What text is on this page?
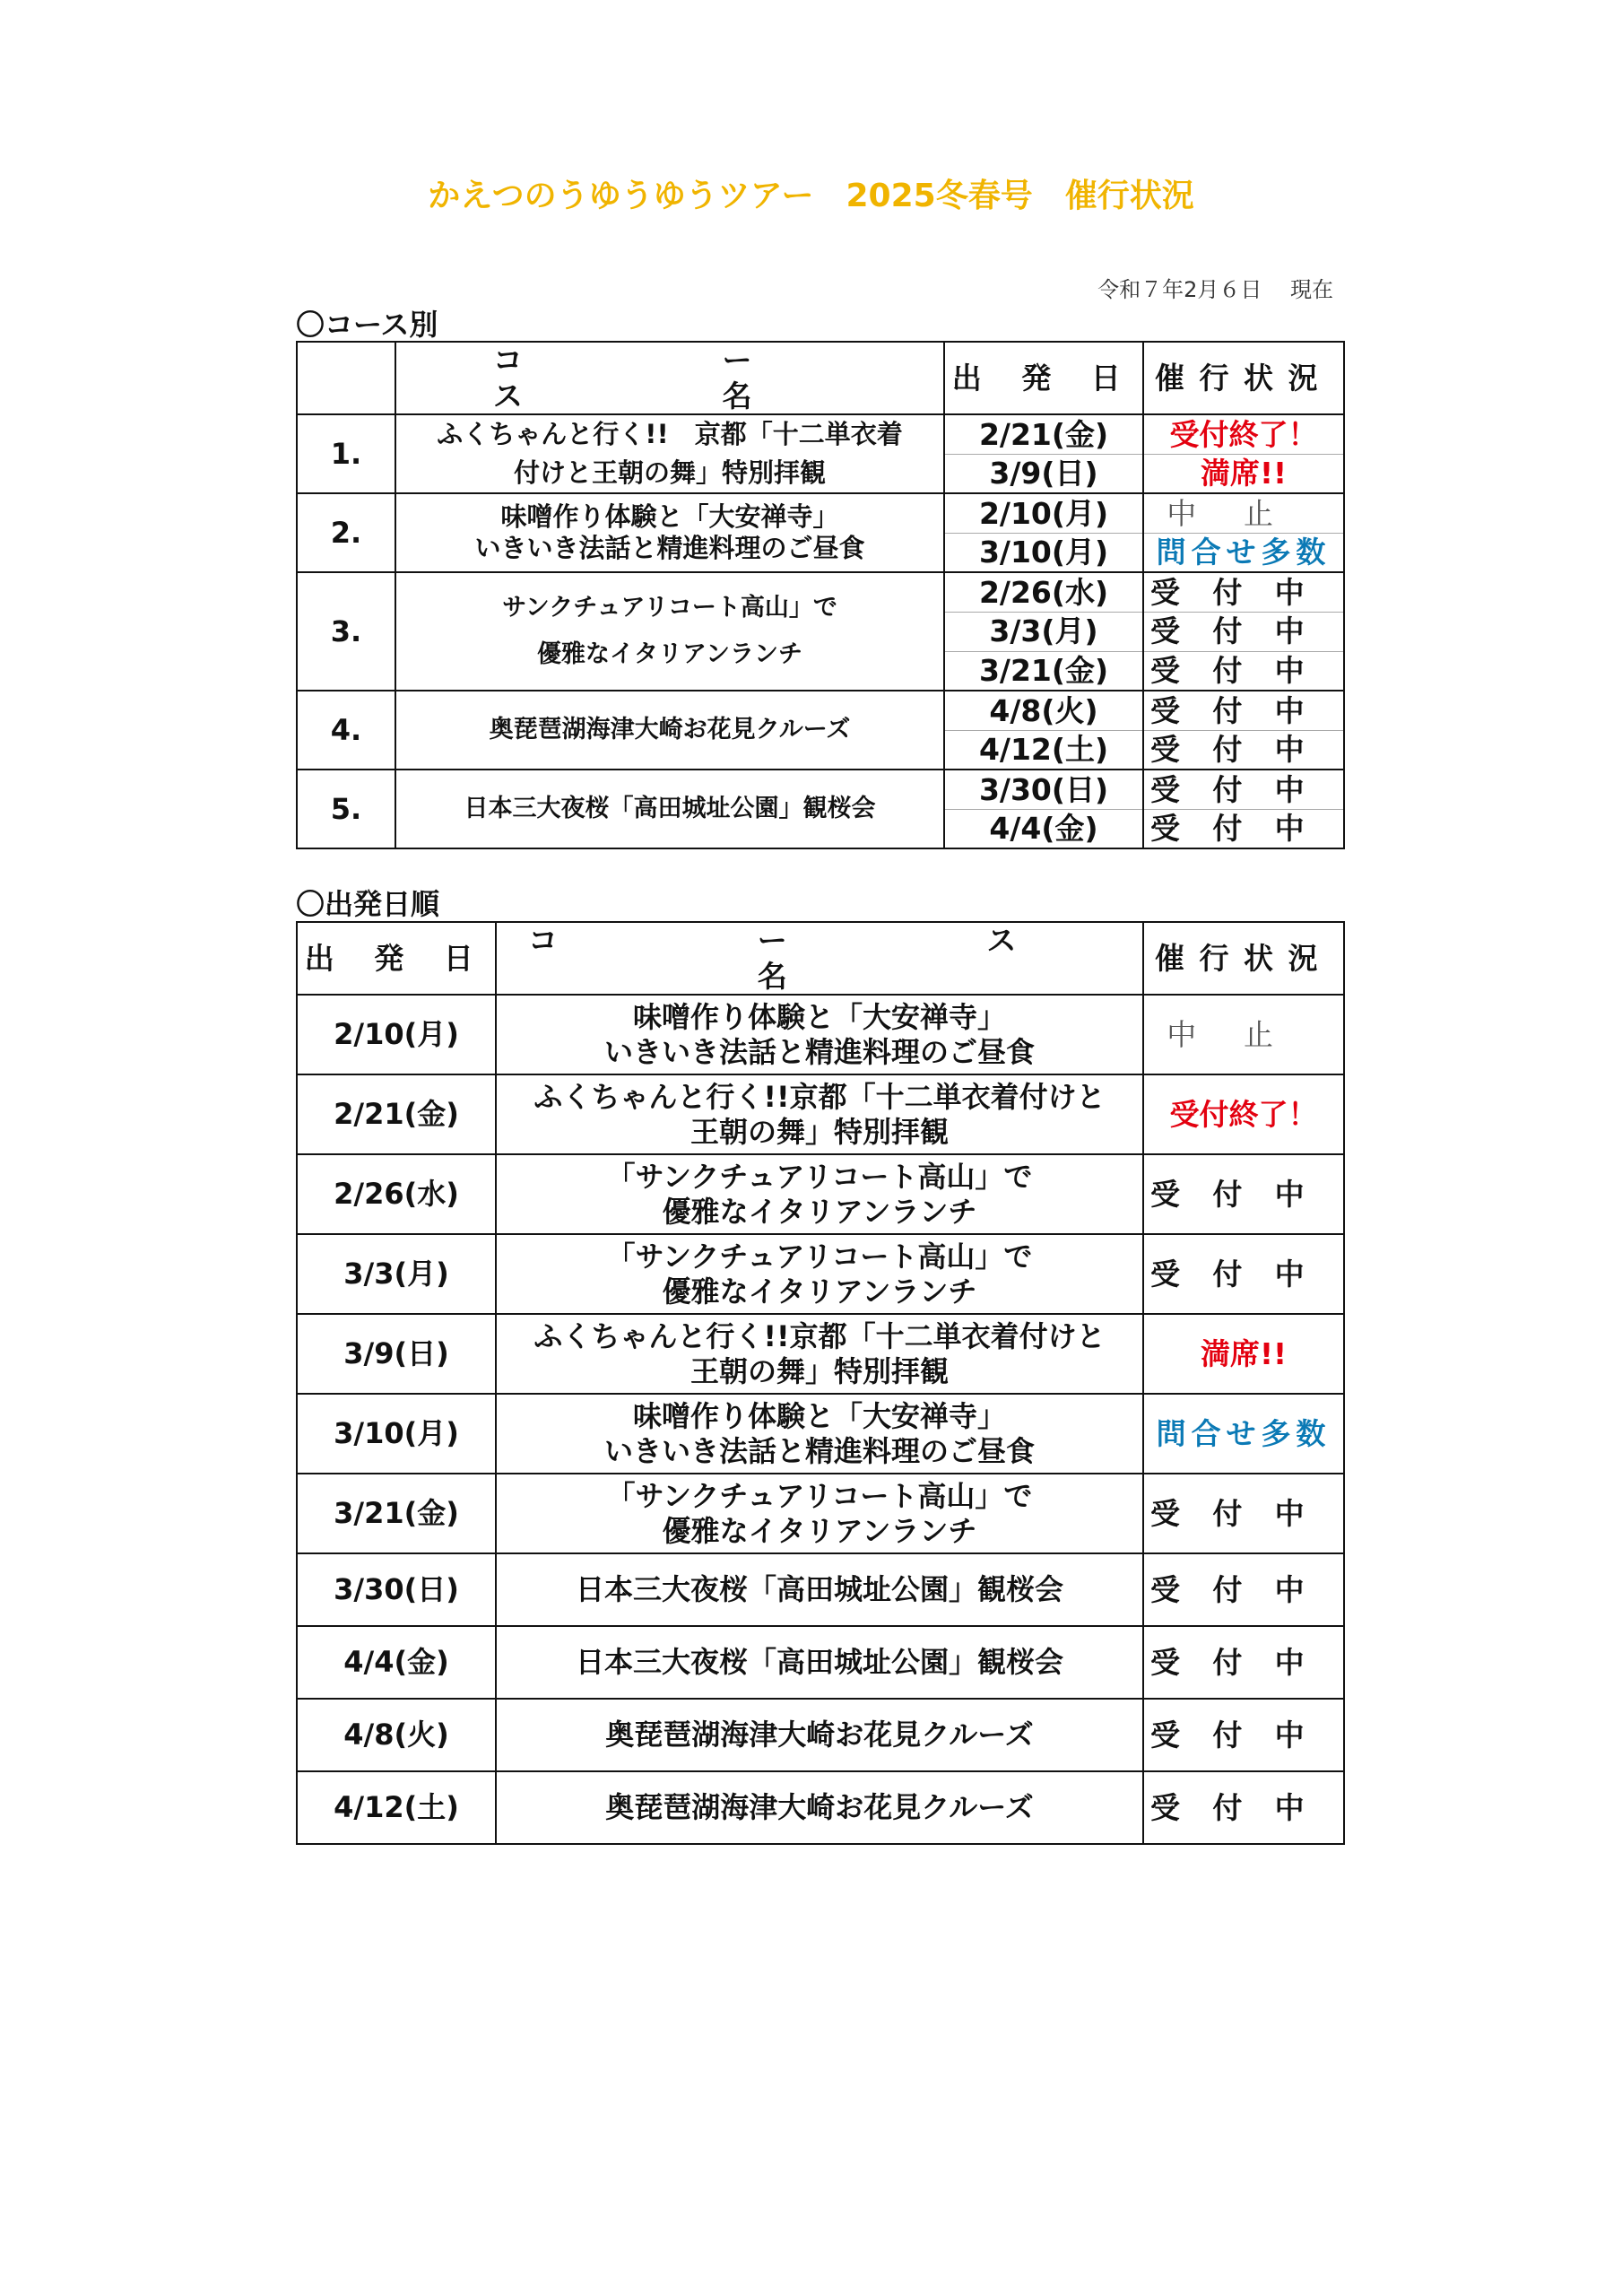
かえつのうゆうゆうツアー　2025冬春号　催行状況
令和７年2月６日　 現在
〇コース別
	コ ー ス 名	出 発 日	催行状況
1.	ふくちゃんと行く!!　京都「十二単衣着
付けと王朝の舞」特別拝観	2/21(金)	受付終了！
		3/9(日)	満席!!
2.	味噌作り体験と「大安禅寺」
いきいき法話と精進料理のご昼食	2/10(月)	中止
		3/10(月)	問合せ多数
3.	サンクチュアリコート高山」で
優雅なイタリアンランチ	2/26(水)	受付中
		3/3(月)	受付中
		3/21(金)	受付中
4.	奥琵琶湖海津大崎お花見クルーズ	4/8(火)	受付中
		4/12(土)	受付中
5.	日本三大夜桜「高田城址公園」観桜会	3/30(日)	受付中
		4/4(金)	受付中
〇出発日順
出 発 日	コ ー ス 名	催行状況
2/10(月)	味噌作り体験と「大安禅寺」
いきいき法話と精進料理のご昼食	中止
2/21(金)	ふくちゃんと行く!!京都「十二単衣着付けと
王朝の舞」特別拝観	受付終了！
2/26(水)	「サンクチュアリコート高山」で
優雅なイタリアンランチ	受付中
3/3(月)	「サンクチュアリコート高山」で
優雅なイタリアンランチ	受付中
3/9(日)	ふくちゃんと行く!!京都「十二単衣着付けと
王朝の舞」特別拝観	満席!!
3/10(月)	味噌作り体験と「大安禅寺」
いきいき法話と精進料理のご昼食	問合せ多数
3/21(金)	「サンクチュアリコート高山」で
優雅なイタリアンランチ	受付中
3/30(日)	日本三大夜桜「高田城址公園」観桜会	受付中
4/4(金)	日本三大夜桜「高田城址公園」観桜会	受付中
4/8(火)	奥琵琶湖海津大崎お花見クルーズ	受付中
4/12(土)	奥琵琶湖海津大崎お花見クルーズ	受付中
